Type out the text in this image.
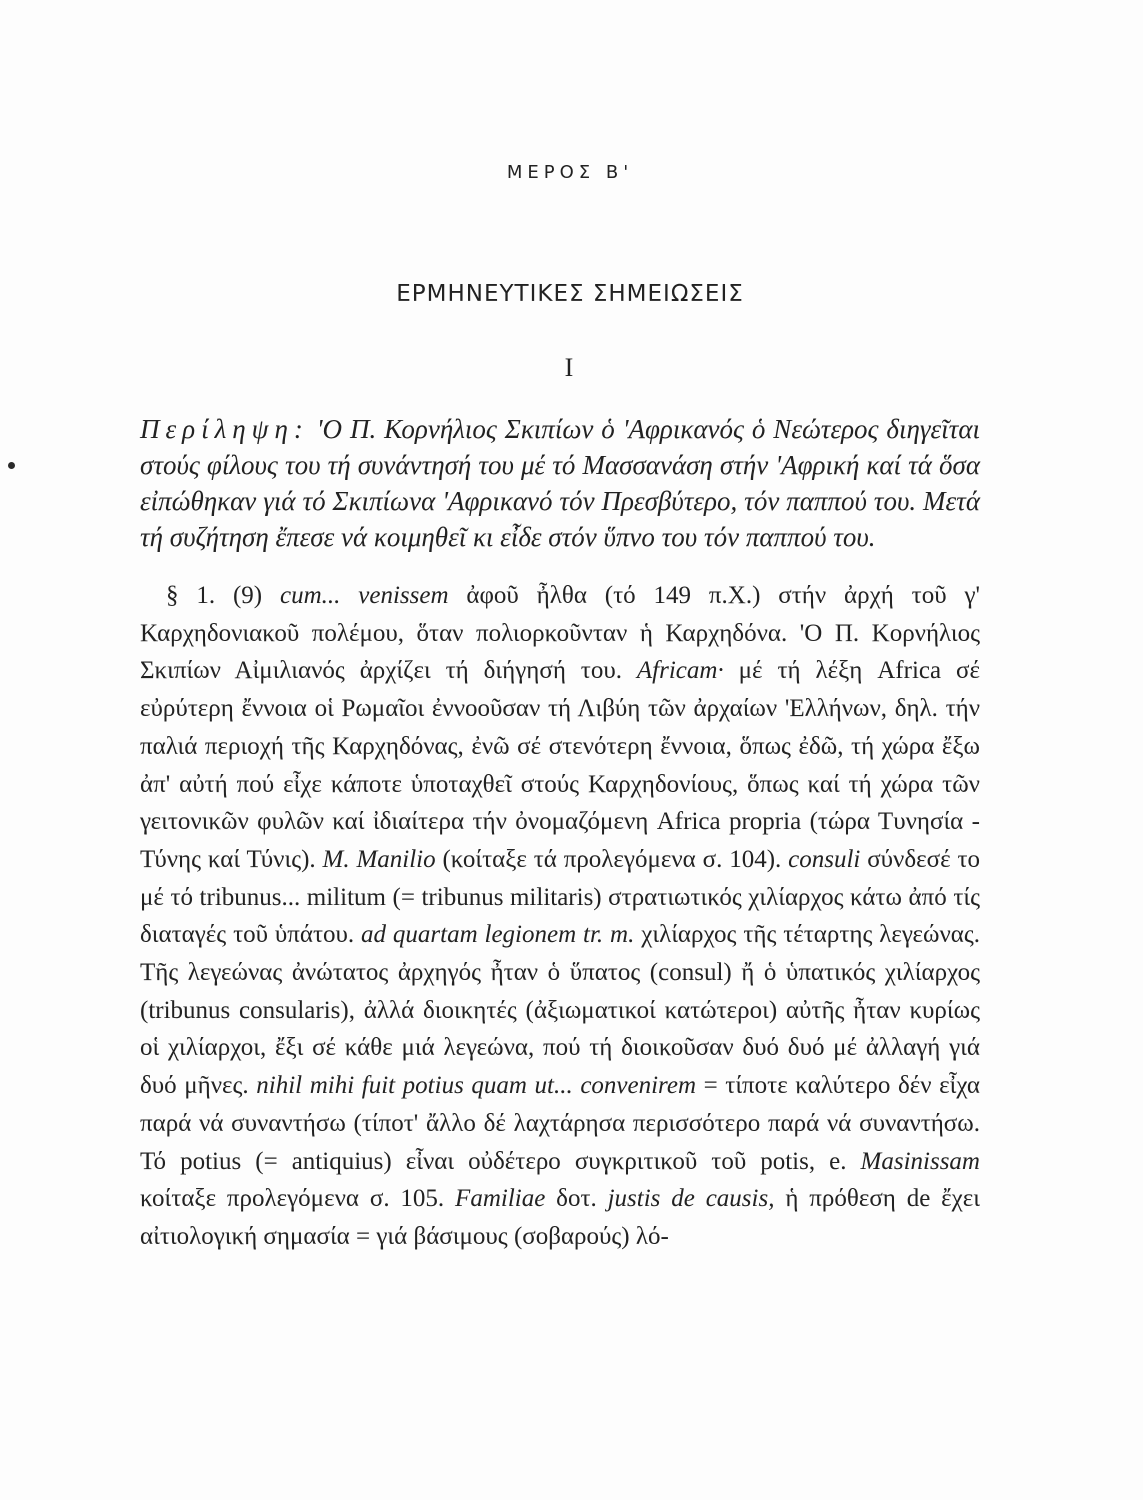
ΜΕΡΟΣ Β'
ΕΡΜΗΝΕΥΤΙΚΕΣ ΣΗΜΕΙΩΣΕΙΣ
I
Περίληψη: 'Ο Π. Κορνήλιος Σκιπίων ὁ 'Αφρικανός ὁ Νεώτερος διηγεῖται στούς φίλους του τή συνάντησή του μέ τό Μασσανάση στήν 'Αφρική καί τά ὅσα εἰπώθηκαν γιά τό Σκιπίωνα 'Αφρικανό τόν Πρεσβύτερο, τόν παππού του. Μετά τή συζήτηση ἔπεσε νά κοιμηθεῖ κι εἶδε στόν ὕπνο του τόν παππού του.
§ 1. (9) cum... venissem ἀφοῦ ἦλθα (τό 149 π.Χ.) στήν ἀρχή τοῦ γ' Καρχηδονιακοῦ πολέμου, ὅταν πολιορκοῦνταν ἡ Καρχηδόνα. 'Ο Π. Κορνήλιος Σκιπίων Αἰμιλιανός ἀρχίζει τή διήγησή του. Africam· μέ τή λέξη Africa σέ εὐρύτερη ἔννοια οἱ Ρωμαῖοι ἐννοοῦσαν τή Λιβύη τῶν ἀρχαίων 'Ελλήνων, δηλ. τήν παλιά περιοχή τῆς Καρχηδόνας, ἐνῶ σέ στενότερη ἔννοια, ὅπως ἐδῶ, τή χώρα ἔξω ἀπ' αὐτή πού εἶχε κάποτε ὑποταχθεῖ στούς Καρχηδονίους, ὅπως καί τή χώρα τῶν γειτονικῶν φυλῶν καί ἰδιαίτερα τήν ὀνομαζόμενη Africa propria (τώρα Τυνησία - Τύνης καί Τύνις). M. Manilio (κοίταξε τά προλεγόμενα σ. 104). consuli σύνδεσέ το μέ τό tribunus... militum (= tribunus militaris) στρατιωτικός χιλίαρχος κάτω ἀπό τίς διαταγές τοῦ ὑπάτου. ad quartam legionem tr. m. χιλίαρχος τῆς τέταρτης λεγεώνας. Τῆς λεγεώνας ἀνώτατος ἀρχηγός ἦταν ὁ ὕπατος (consul) ἤ ὁ ὑπατικός χιλίαρχος (tribunus consularis), ἀλλά διοικητές (ἀξιωματικοί κατώτεροι) αὐτῆς ἦταν κυρίως οἱ χιλίαρχοι, ἔξι σέ κάθε μιά λεγεώνα, πού τή διοικοῦσαν δυό δυό μέ ἀλλαγή γιά δυό μῆνες. nihil mihi fuit potius quam ut... convenirem = τίποτε καλύτερο δέν εἶχα παρά νά συναντήσω (τίποτ' ἄλλο δέ λαχτάρησα περισσότερο παρά νά συναντήσω. Τό potius (= antiquius) εἶναι οὐδέτερο συγκριτικοῦ τοῦ potis, e. Masinissam κοίταξε προλεγόμενα σ. 105. Familiae δοτ. justis de causis, ἡ πρόθεση de ἔχει αἰτιολογική σημασία = γιά βάσιμους (σοβαρούς) λό-
